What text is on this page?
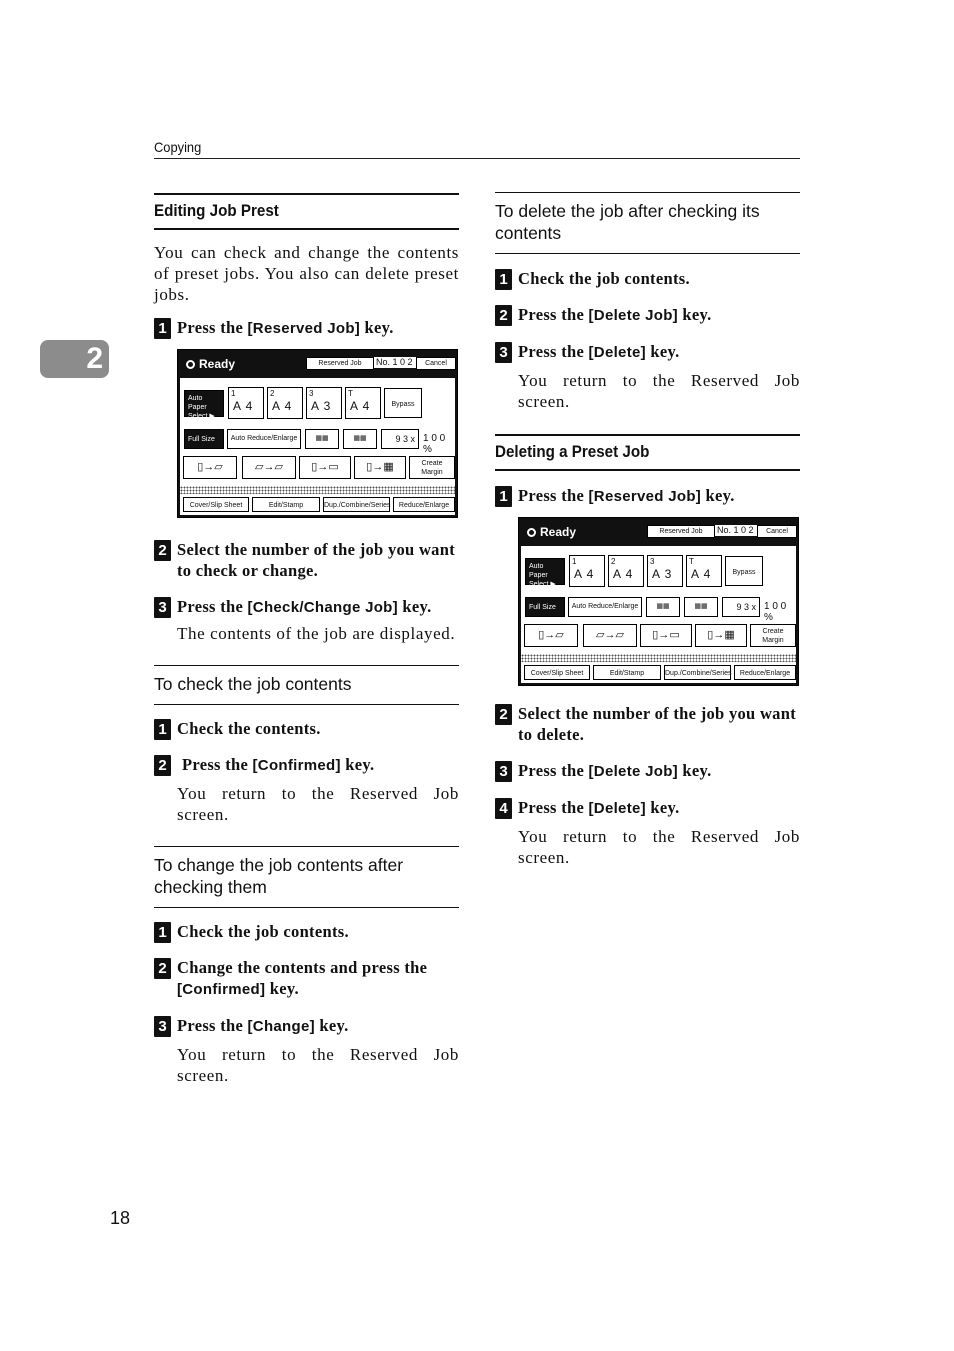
Copying
2
18
Editing Job Prest

You can check and change the contents of preset jobs. You also can delete preset jobs.

1 Press the [Reserved Job] key.
Ready	Reserved Job	No. 1 0 2	Cancel
Auto Paper Select ▶
1
A 4
2
A 4
3
A 3
T
A 4	Bypass
Full Size	Auto Reduce/Enlarge	▦▦	▦▦	9 3 x 1 0 0 %
▯→▱	▱→▱	▯→▭	▯→▦	Create Margin
Cover/Slip Sheet	Edit/Stamp	Dup./Combine/Series	Reduce/Enlarge
2 Select the number of the job you want to check or change.
3 Press the [Check/Change Job] key.
The contents of the job are displayed.
To check the job contents
1 Check the contents.
2 Press the [Confirmed] key.
You return to the Reserved Job screen.
To change the job contents after checking them
1 Check the job contents.
2 Change the contents and press the [Confirmed] key.
3 Press the [Change] key.
You return to the Reserved Job screen.
To delete the job after checking its contents
1 Check the job contents.
2 Press the [Delete Job] key.
3 Press the [Delete] key.
You return to the Reserved Job screen.
Deleting a Preset Job
1 Press the [Reserved Job] key.
Ready	Reserved Job	No. 1 0 2	Cancel
Auto Paper Select ▶
1
A 4
2
A 4
3
A 3
T
A 4	Bypass
Full Size	Auto Reduce/Enlarge	▦▦	▦▦	9 3 x 1 0 0 %
▯→▱	▱→▱	▯→▭	▯→▦	Create Margin
Cover/Slip Sheet	Edit/Stamp	Dup./Combine/Series	Reduce/Enlarge
2 Select the number of the job you want to delete.
3 Press the [Delete Job] key.
4 Press the [Delete] key.
You return to the Reserved Job screen.
